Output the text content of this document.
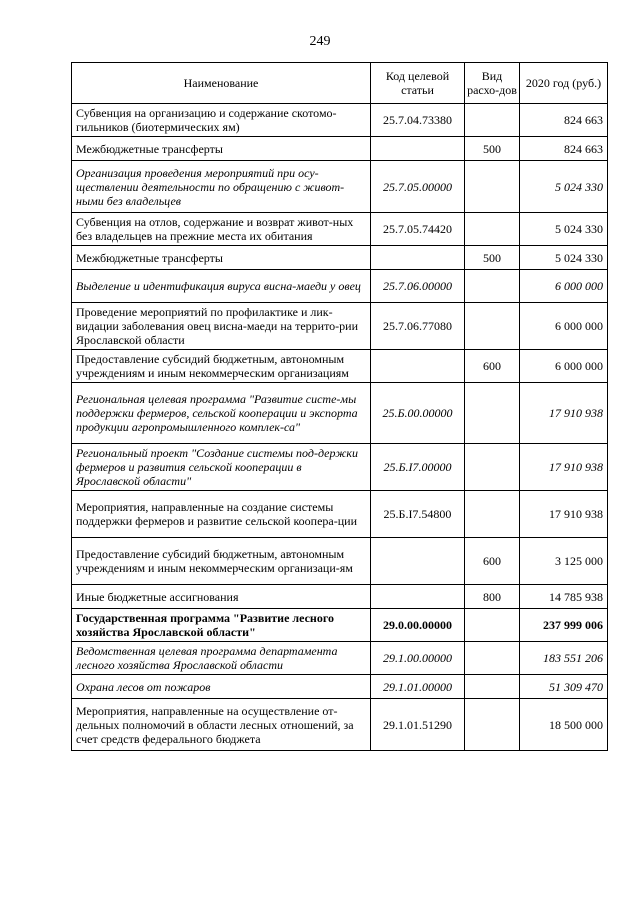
249
Наименование	Код целевой статьи	Вид расхо-дов	2020 год (руб.)
Субвенция на организацию и содержание скотомо-гильников (биотермических ям)	25.7.04.73380		824 663
Межбюджетные трансферты		500	824 663
Организация проведения мероприятий при осу-ществлении деятельности по обращению с живот-ными без владельцев	25.7.05.00000		5 024 330
Субвенция на отлов, содержание и возврат живот-ных без владельцев на прежние места их обитания	25.7.05.74420		5 024 330
Межбюджетные трансферты		500	5 024 330
Выделение и идентификация вируса висна-маеди у овец	25.7.06.00000		6 000 000
Проведение мероприятий по профилактике и лик-видации заболевания овец висна-маеди на террито-рии Ярославской области	25.7.06.77080		6 000 000
Предоставление субсидий бюджетным, автономным учреждениям и иным некоммерческим организациям		600	6 000 000
Региональная целевая программа "Развитие систе-мы поддержки фермеров, сельской кооперации и экспорта продукции агропромышленного комплек-са"	25.Б.00.00000		17 910 938
Региональный проект "Создание системы под-держки фермеров и развития сельской кооперации в Ярославской области"	25.Б.I7.00000		17 910 938
Мероприятия, направленные на создание системы поддержки фермеров и развитие сельской коопера-ции	25.Б.I7.54800		17 910 938
Предоставление субсидий бюджетным, автономным учреждениям и иным некоммерческим организаци-ям		600	3 125 000
Иные бюджетные ассигнования		800	14 785 938
Государственная программа "Развитие лесного хозяйства Ярославской области"	29.0.00.00000		237 999 006
Ведомственная целевая программа департамента лесного хозяйства Ярославской области	29.1.00.00000		183 551 206
Охрана лесов от пожаров	29.1.01.00000		51 309 470
Мероприятия, направленные на осуществление от-дельных полномочий в области лесных отношений, за счет средств федерального бюджета	29.1.01.51290		18 500 000
